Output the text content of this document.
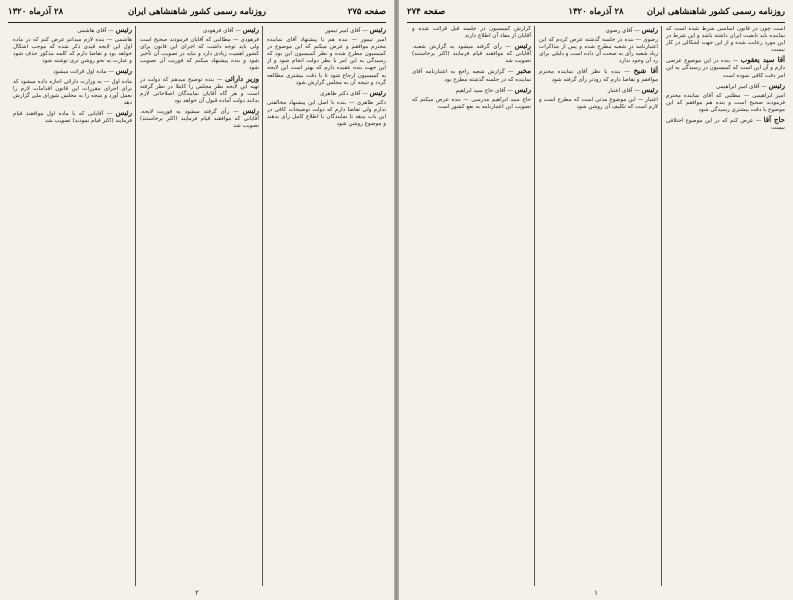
صفحه ۲۷۵
روزنامه رسمی کشور شاهنشاهی ایران
۲۸ آذرماه ۱۳۲۰

رئیس — آقای امیر تیمور

امیر تیمور — بنده هم با پیشنهاد آقای نماینده محترم موافقم و عرض میکنم که این موضوع در کمیسیون مطرح شده و نظر کمیسیون این بود که رسیدگی به این امر با نظر دولت انجام شود و از این جهت بنده عقیده دارم که بهتر است این لایحه به کمیسیون ارجاع شود تا با دقت بیشتری مطالعه گردد و نتیجه آن به مجلس گزارش شود

رئیس — آقای دکتر طاهری

دکتر طاهری — بنده با اصل این پیشنهاد مخالفتی ندارم ولی تقاضا دارم که دولت توضیحات کافی در این باب بدهد تا نمایندگان با اطلاع کامل رأی بدهند و موضوع روشن شود

رئیس — آقای فرهودی

فرهودی — مطالبی که آقایان فرمودند صحیح است ولی باید توجه داشت که اجرای این قانون برای کشور اهمیت زیادی دارد و نباید در تصویب آن تأخیر شود و بنده پیشنهاد میکنم که فوریت آن تصویب شود

وزیر دارائی — بنده توضیح میدهم که دولت در تهیه این لایحه نظر مجلس را کاملا در نظر گرفته است و هر گاه آقایان نمایندگان اصلاحاتی لازم بدانند دولت آماده قبول آن خواهد بود

رئیس — رأی گرفته میشود به فوریت لایحه. آقایانی که موافقند قیام فرمایند (اکثر برخاستند) تصویب شد

رئیس — آقای هاشمی

هاشمی — بنده لازم میدانم عرض کنم که در ماده اول این لایحه قیدی ذکر شده که موجب اشکال خواهد بود و تقاضا دارم که کلمه مذکور حذف شود و عبارت به نحو روشن تری نوشته شود

رئیس — ماده اول قرائت میشود

ماده اول — به وزارت دارائی اجازه داده میشود که برای اجرای مقررات این قانون اقدامات لازم را بعمل آورد و نتیجه را به مجلس شورای ملی گزارش دهد

رئیس — آقایانی که با ماده اول موافقند قیام فرمایند (اکثر قیام نمودند) تصویب شد

۲
روزنامه رسمی کشور شاهنشاهی ایران
۲۸ آذرماه ۱۳۲۰
صفحه ۲۷۴

است چون در قانون اساسی شرط شده است که نماینده باید تابعیت ایران داشته باشد و این شرط در این مورد رعایت شده و از این جهت اشکالی در کار نیست

آقا سید یعقوب — بنده در این موضوع عرضی دارم و آن این است که کمیسیون در رسیدگی به این امر دقت کافی نموده است

رئیس — آقای امیر ابراهیمی

امیر ابراهیمی — مطلبی که آقای نماینده محترم فرمودند صحیح است و بنده هم موافقم که این موضوع با دقت بیشتری رسیدگی شود

حاج آقا — عرض کنم که در این موضوع اختلافی نیست

رئیس — آقای رضوی

رضوی — بنده در جلسه گذشته عرض کردم که این اعتبارنامه در شعبه مطرح شده و پس از مذاکرات زیاد شعبه رأی به صحت آن داده است و دلیلی برای رد آن وجود ندارد

آقا شیخ — بنده با نظر آقای نماینده محترم موافقم و تقاضا دارم که زودتر رأی گرفته شود

رئیس — آقای اعتبار

اعتبار — این موضوع مدتی است که مطرح است و لازم است که تکلیف آن روشن شود

گزارش کمیسیون در جلسه قبل قرائت شده و آقایان از مفاد آن اطلاع دارند

رئیس — رأی گرفته میشود به گزارش شعبه. آقایانی که موافقند قیام فرمایند (اکثر برخاستند) تصویب شد

مخبر — گزارش شعبه راجع به اعتبارنامه آقای نماینده که در جلسه گذشته مطرح بود

رئیس — آقای حاج سید ابراهیم

حاج سید ابراهیم مدرسی — بنده عرض میکنم که تصویب این اعتبارنامه به نفع کشور است

۱
